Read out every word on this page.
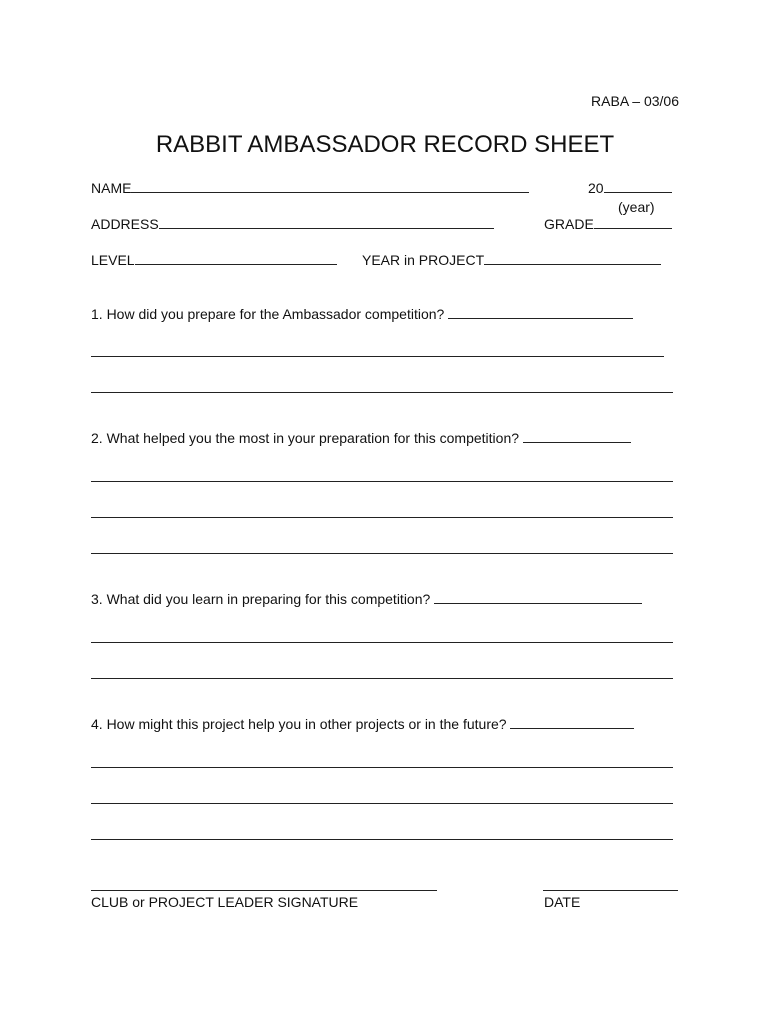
RABA – 03/06
RABBIT AMBASSADOR RECORD SHEET
NAME	20
(year)
ADDRESS	GRADE
LEVEL	YEAR in PROJECT
1. How did you prepare for the Ambassador competition?
2. What helped you the most in your preparation for this competition?
3. What did you learn in preparing for this competition?
4. How might this project help you in other projects or in the future?
CLUB or PROJECT LEADER SIGNATURE	DATE
